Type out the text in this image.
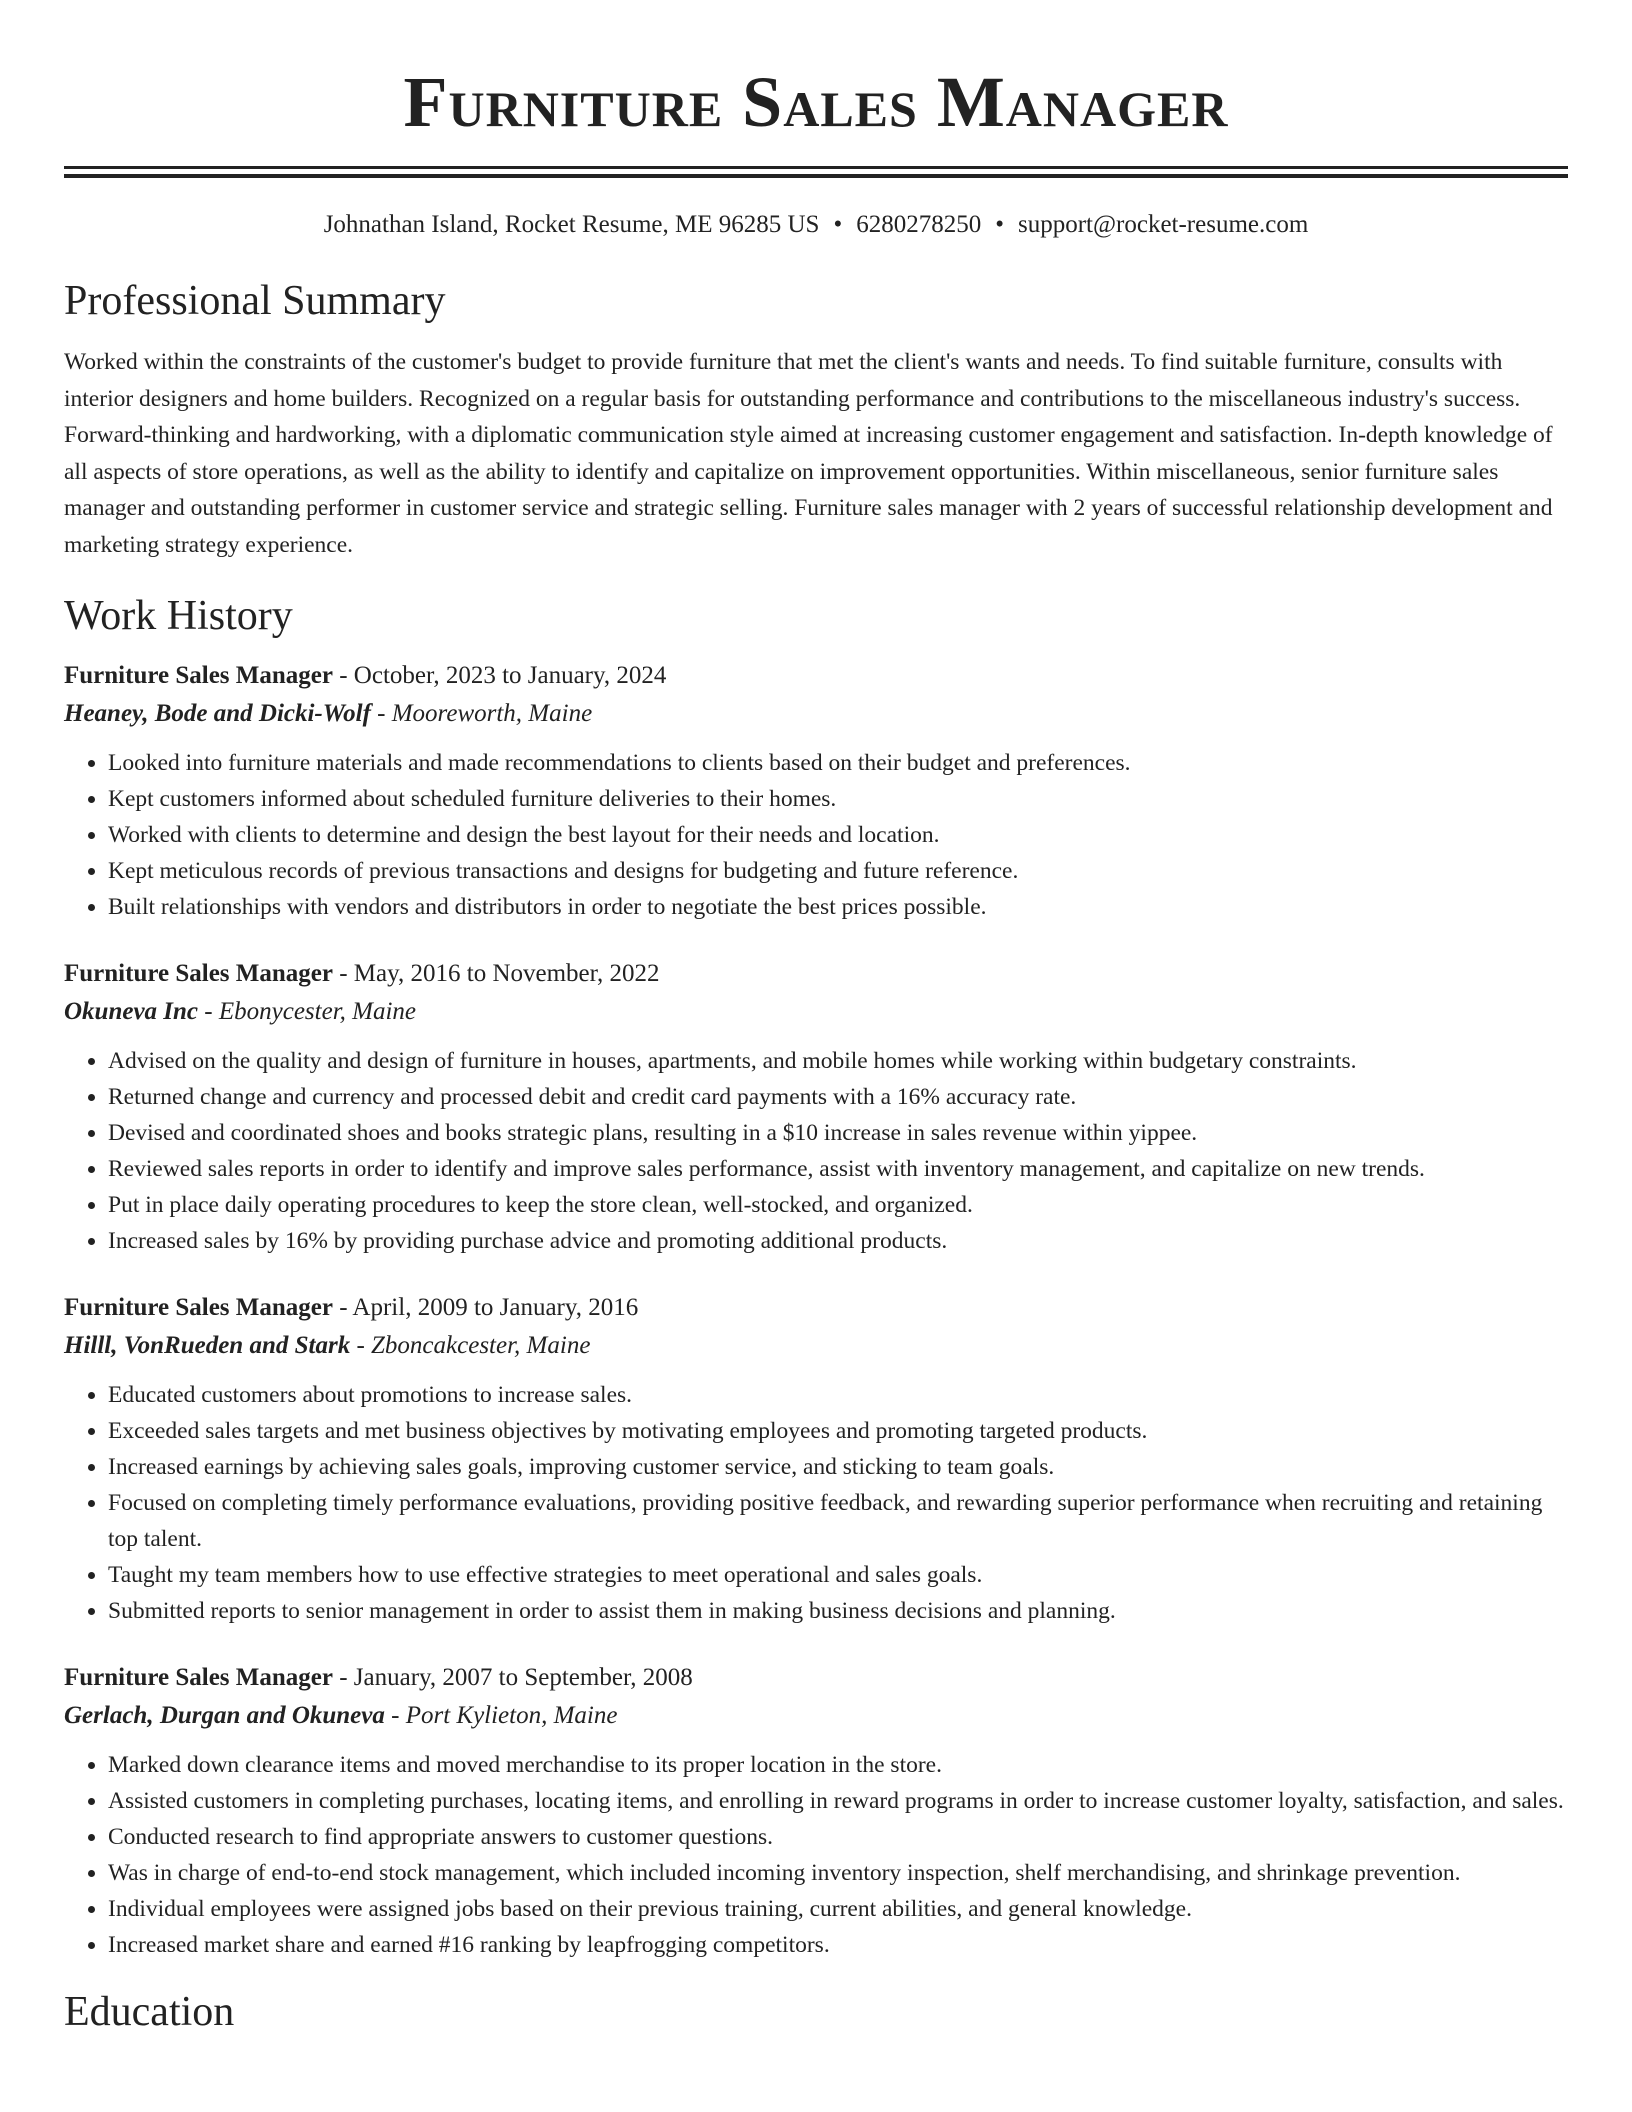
Furniture Sales Manager
Johnathan Island, Rocket Resume, ME 96285 US • 6280278250 • support@rocket-resume.com
Professional Summary

Worked within the constraints of the customer's budget to provide furniture that met the client's wants and needs. To find suitable furniture, consults with interior designers and home builders. Recognized on a regular basis for outstanding performance and contributions to the miscellaneous industry's success. Forward-thinking and hardworking, with a diplomatic communication style aimed at increasing customer engagement and satisfaction. In-depth knowledge of all aspects of store operations, as well as the ability to identify and capitalize on improvement opportunities. Within miscellaneous, senior furniture sales manager and outstanding performer in customer service and strategic selling. Furniture sales manager with 2 years of successful relationship development and marketing strategy experience.

Work History
Furniture Sales Manager - October, 2023 to January, 2024
Heaney, Bode and Dicki-Wolf - Mooreworth, Maine
• Looked into furniture materials and made recommendations to clients based on their budget and preferences.
• Kept customers informed about scheduled furniture deliveries to their homes.
• Worked with clients to determine and design the best layout for their needs and location.
• Kept meticulous records of previous transactions and designs for budgeting and future reference.
• Built relationships with vendors and distributors in order to negotiate the best prices possible.
Furniture Sales Manager - May, 2016 to November, 2022
Okuneva Inc - Ebonycester, Maine
• Advised on the quality and design of furniture in houses, apartments, and mobile homes while working within budgetary constraints.
• Returned change and currency and processed debit and credit card payments with a 16% accuracy rate.
• Devised and coordinated shoes and books strategic plans, resulting in a $10 increase in sales revenue within yippee.
• Reviewed sales reports in order to identify and improve sales performance, assist with inventory management, and capitalize on new trends.
• Put in place daily operating procedures to keep the store clean, well-stocked, and organized.
• Increased sales by 16% by providing purchase advice and promoting additional products.
Furniture Sales Manager - April, 2009 to January, 2016
Hilll, VonRueden and Stark - Zboncakcester, Maine
• Educated customers about promotions to increase sales.
• Exceeded sales targets and met business objectives by motivating employees and promoting targeted products.
• Increased earnings by achieving sales goals, improving customer service, and sticking to team goals.
• Focused on completing timely performance evaluations, providing positive feedback, and rewarding superior performance when recruiting and retaining top talent.
• Taught my team members how to use effective strategies to meet operational and sales goals.
• Submitted reports to senior management in order to assist them in making business decisions and planning.
Furniture Sales Manager - January, 2007 to September, 2008
Gerlach, Durgan and Okuneva - Port Kylieton, Maine
• Marked down clearance items and moved merchandise to its proper location in the store.
• Assisted customers in completing purchases, locating items, and enrolling in reward programs in order to increase customer loyalty, satisfaction, and sales.
• Conducted research to find appropriate answers to customer questions.
• Was in charge of end-to-end stock management, which included incoming inventory inspection, shelf merchandising, and shrinkage prevention.
• Individual employees were assigned jobs based on their previous training, current abilities, and general knowledge.
• Increased market share and earned #16 ranking by leapfrogging competitors.
Education
